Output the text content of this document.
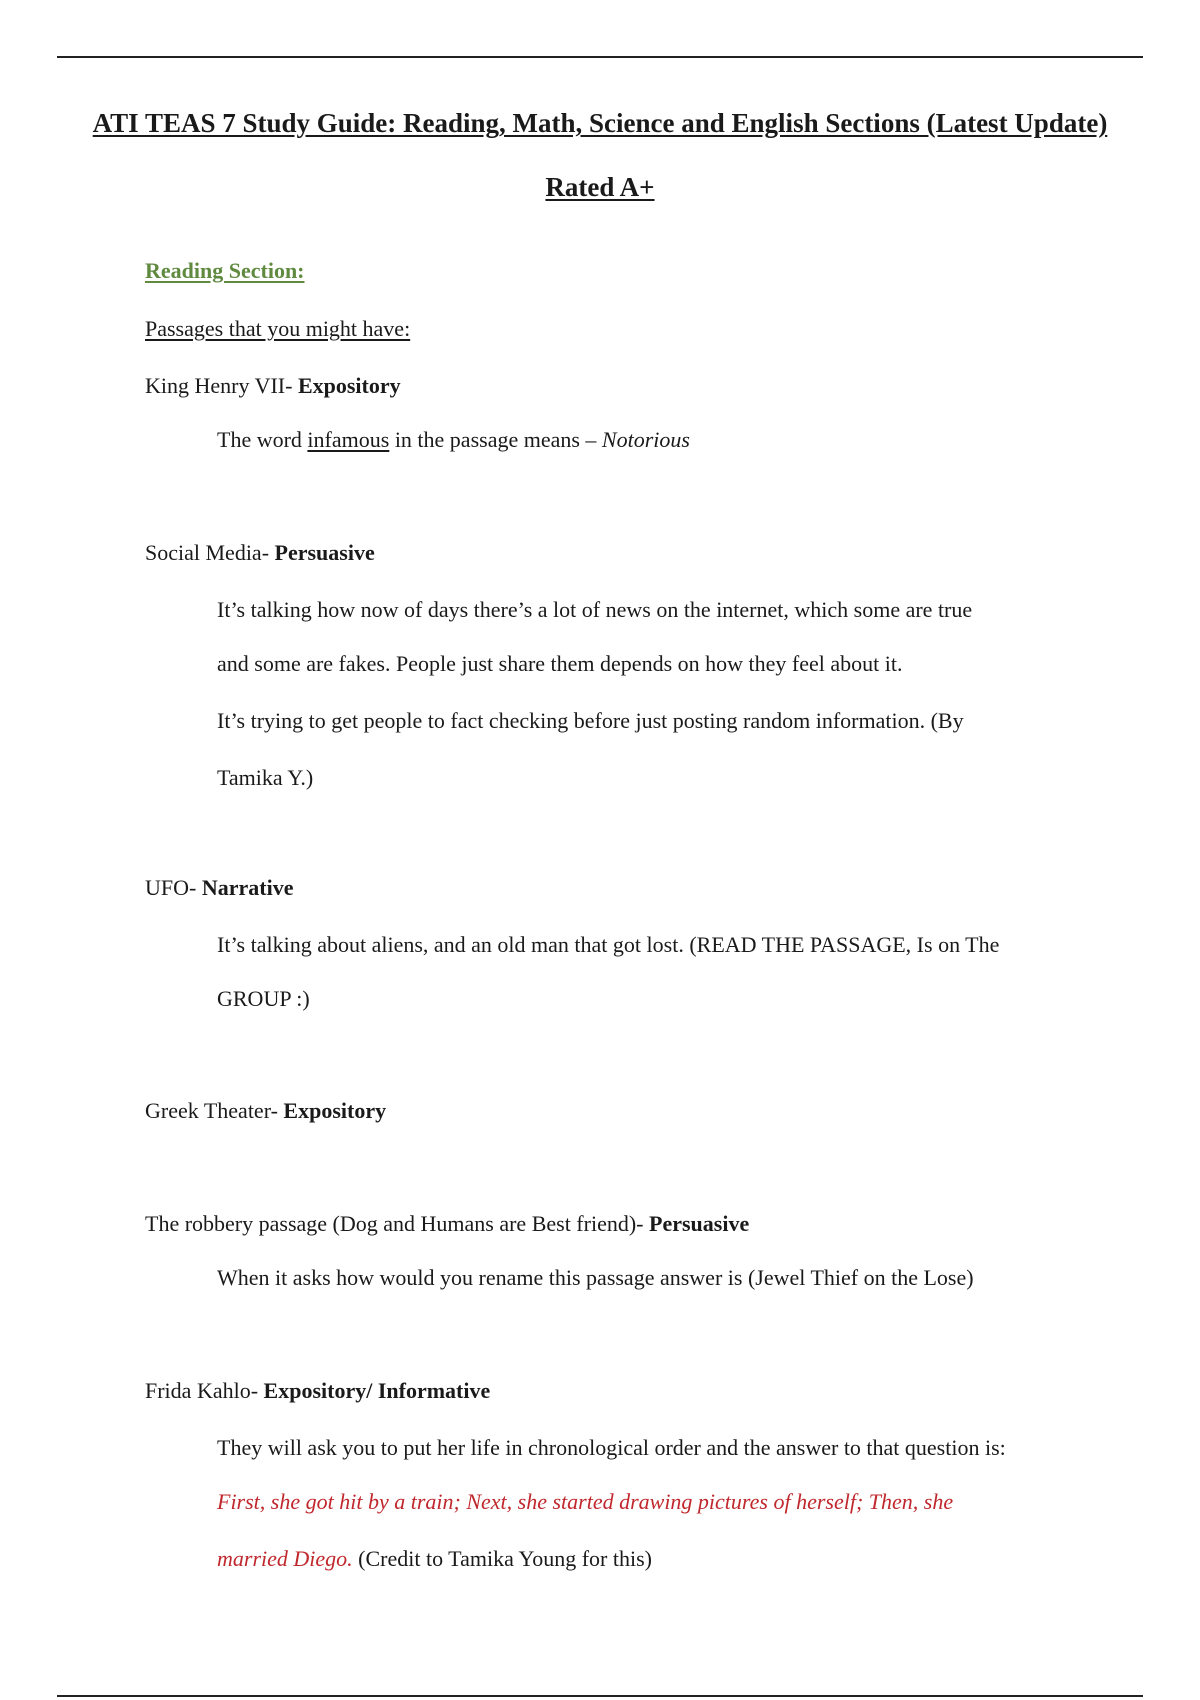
ATI TEAS 7 Study Guide: Reading, Math, Science and English Sections (Latest Update)
Rated A+
Reading Section:
Passages that you might have:
King Henry VII- Expository
The word infamous in the passage means – Notorious
Social Media- Persuasive
It’s talking how now of days there’s a lot of news on the internet, which some are true
and some are fakes. People just share them depends on how they feel about it.
It’s trying to get people to fact checking before just posting random information. (By
Tamika Y.)
UFO- Narrative
It’s talking about aliens, and an old man that got lost. (READ THE PASSAGE, Is on The
GROUP :)
Greek Theater- Expository
The robbery passage (Dog and Humans are Best friend)- Persuasive
When it asks how would you rename this passage answer is (Jewel Thief on the Lose)
Frida Kahlo- Expository/ Informative
They will ask you to put her life in chronological order and the answer to that question is:
First, she got hit by a train; Next, she started drawing pictures of herself; Then, she
married Diego. (Credit to Tamika Young for this)
